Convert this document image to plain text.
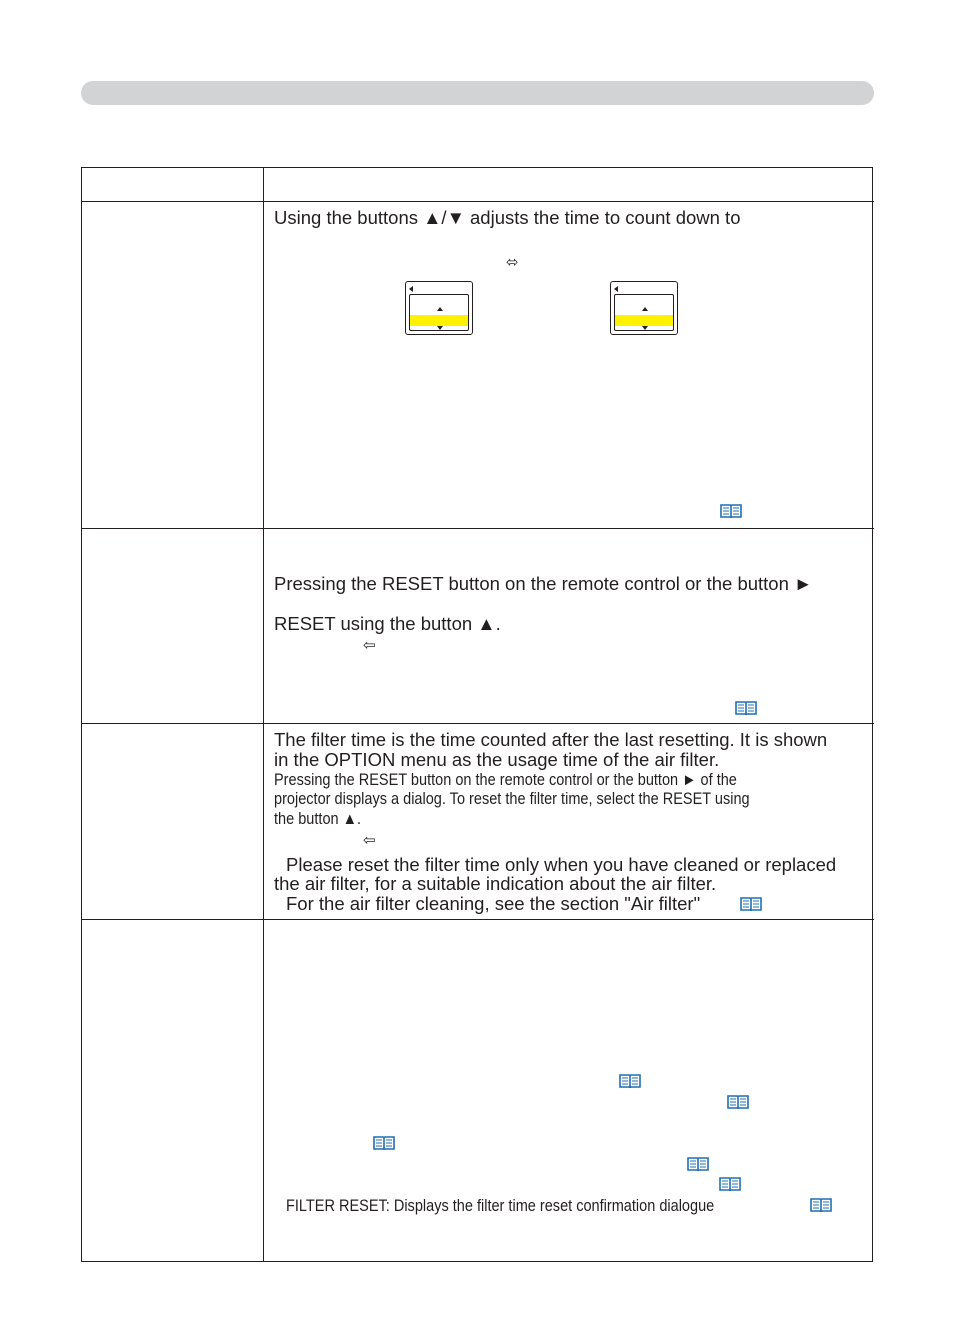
Using the buttons ▲/▼ adjusts the time to count down to
⬄
Pressing the RESET button on the remote control or the button ►
RESET using the button ▲.
⇦
The filter time is the time counted after the last resetting. It is shown
in the OPTION menu as the usage time of the air filter.
Pressing the RESET button on the remote control or the button ► of the
projector displays a dialog. To reset the filter time, select the RESET using
the button ▲.
⇦
Please reset the filter time only when you have cleaned or replaced
the air filter, for a suitable indication about the air filter.
For the air filter cleaning, see the section "Air filter"
FILTER RESET: Displays the filter time reset confirmation dialogue
